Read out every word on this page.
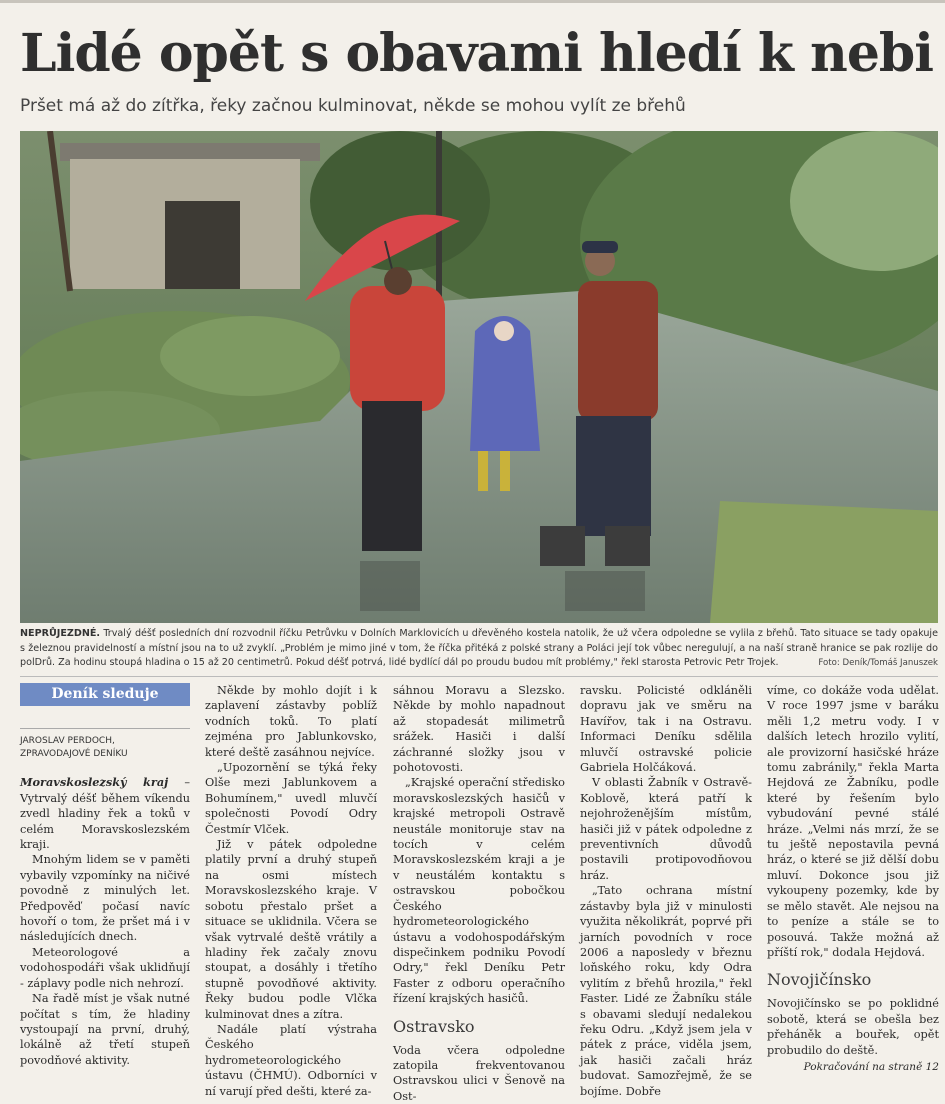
Lidé opět s obavami hledí k nebi
Pršet má až do zítřka, řeky začnou kulminovat, někde se mohou vylít ze břehů
NEPRŮJEZDNÉ. Trvalý déšť posledních dní rozvodnil říčku Petrůvku v Dolních Marklovicích u dřevěného kostela natolik, že už včera odpoledne se vylila z břehů. Tato situace se tady opakuje s železnou pravidelností a místní jsou na to už zvyklí. „Problém je mimo jiné v tom, že říčka přitéká z polské strany a Poláci její tok vůbec neregulují, a na naší straně hranice se pak rozlije do polDrů. Za hodinu stoupá hladina o 15 až 20 centimetrů. Pokud déšť potrvá, lidé bydlící dál po proudu budou mít problémy," řekl starosta Petrovic Petr Trojek.	Foto: Deník/Tomáš Januszek
Deník sleduje
JAROSLAV PERDOCH,
ZPRAVODAJOVÉ DENÍKU

Moravskoslezský kraj – Vytrvalý déšť během víkendu zvedl hladiny řek a toků v celém Moravskoslezském kraji.

Mnohým lidem se v paměti vybavily vzpomínky na ničivé povodně z minulých let. Předpověď počasí navíc hovoří o tom, že pršet má i v následujících dnech.

Meteorologové a vodohospodáři však uklidňují - záplavy podle nich nehrozí.

Na řadě míst je však nutné počítat s tím, že hladiny vystoupají na první, druhý, lokálně až třetí stupeň povodňové aktivity.

Někde by mohlo dojít i k zaplavení zástavby poblíž vodních toků. To platí zejména pro Jablunkovsko, které deště zasáhnou nejvíce.

„Upozornění se týká řeky Olše mezi Jablunkovem a Bohumínem," uvedl mluvčí společnosti Povodí Odry Čestmír Vlček.

Již v pátek odpoledne platily první a druhý stupeň na osmi místech Moravskoslezského kraje. V sobotu přestalo pršet a situace se uklidnila. Včera se však vytrvalé deště vrátily a hladiny řek začaly znovu stoupat, a dosáhly i třetího stupně povodňové aktivity. Řeky budou podle Vlčka kulminovat dnes a zítra.

Nadále platí výstraha Českého hydrometeorologického ústavu (ČHMÚ). Odborníci v ní varují před dešti, které za-

sáhnou Moravu a Slezsko. Někde by mohlo napadnout až stopadesát milimetrů srážek. Hasiči i další záchranné složky jsou v pohotovosti.

„Krajské operační středisko moravskoslezských hasičů v krajské metropoli Ostravě neustále monitoruje stav na tocích v celém Moravskoslezském kraji a je v neustálém kontaktu s ostravskou pobočkou Českého hydrometeorologického ústavu a vodohospodářským dispečinkem podniku Povodí Odry," řekl Deníku Petr Faster z odboru operačního řízení krajských hasičů.

Ostravsko

Voda včera odpoledne zatopila frekventovanou Ostravskou ulici v Šenově na Ost-

ravsku. Policisté odkláněli dopravu jak ve směru na Havířov, tak i na Ostravu. Informaci Deníku sdělila mluvčí ostravské policie Gabriela Holčáková.

V oblasti Žabník v Ostravě-Koblově, která patří k nejohroženějším místům, hasiči již v pátek odpoledne z preventivních důvodů postavili protipovodňovou hráz.

„Tato ochrana místní zástavby byla již v minulosti využita několikrát, poprvé při jarních povodních v roce 2006 a naposledy v březnu loňského roku, kdy Odra vylitím z břehů hrozila," řekl Faster. Lidé ze Žabníku stále s obavami sledují nedalekou řeku Odru. „Když jsem jela v pátek z práce, viděla jsem, jak hasiči začali hráz budovat. Samozřejmě, že se bojíme. Dobře

víme, co dokáže voda udělat. V roce 1997 jsme v baráku měli 1,2 metru vody. I v dalších letech hrozilo vylití, ale provizorní hasičské hráze tomu zabránily," řekla Marta Hejdová ze Žabníku, podle které by řešením bylo vybudování pevné stálé hráze. „Velmi nás mrzí, že se tu ještě nepostavila pevná hráz, o které se již dělší dobu mluví. Dokonce jsou již vykoupeny pozemky, kde by se mělo stavět. Ale nejsou na to peníze a stále se to posouvá. Takže možná až příští rok," dodala Hejdová.

Novojičínsko

Novojičínsko se po poklidné sobotě, která se obešla bez přeháněk a bouřek, opět probudilo do deště.

Pokračování na straně 12
